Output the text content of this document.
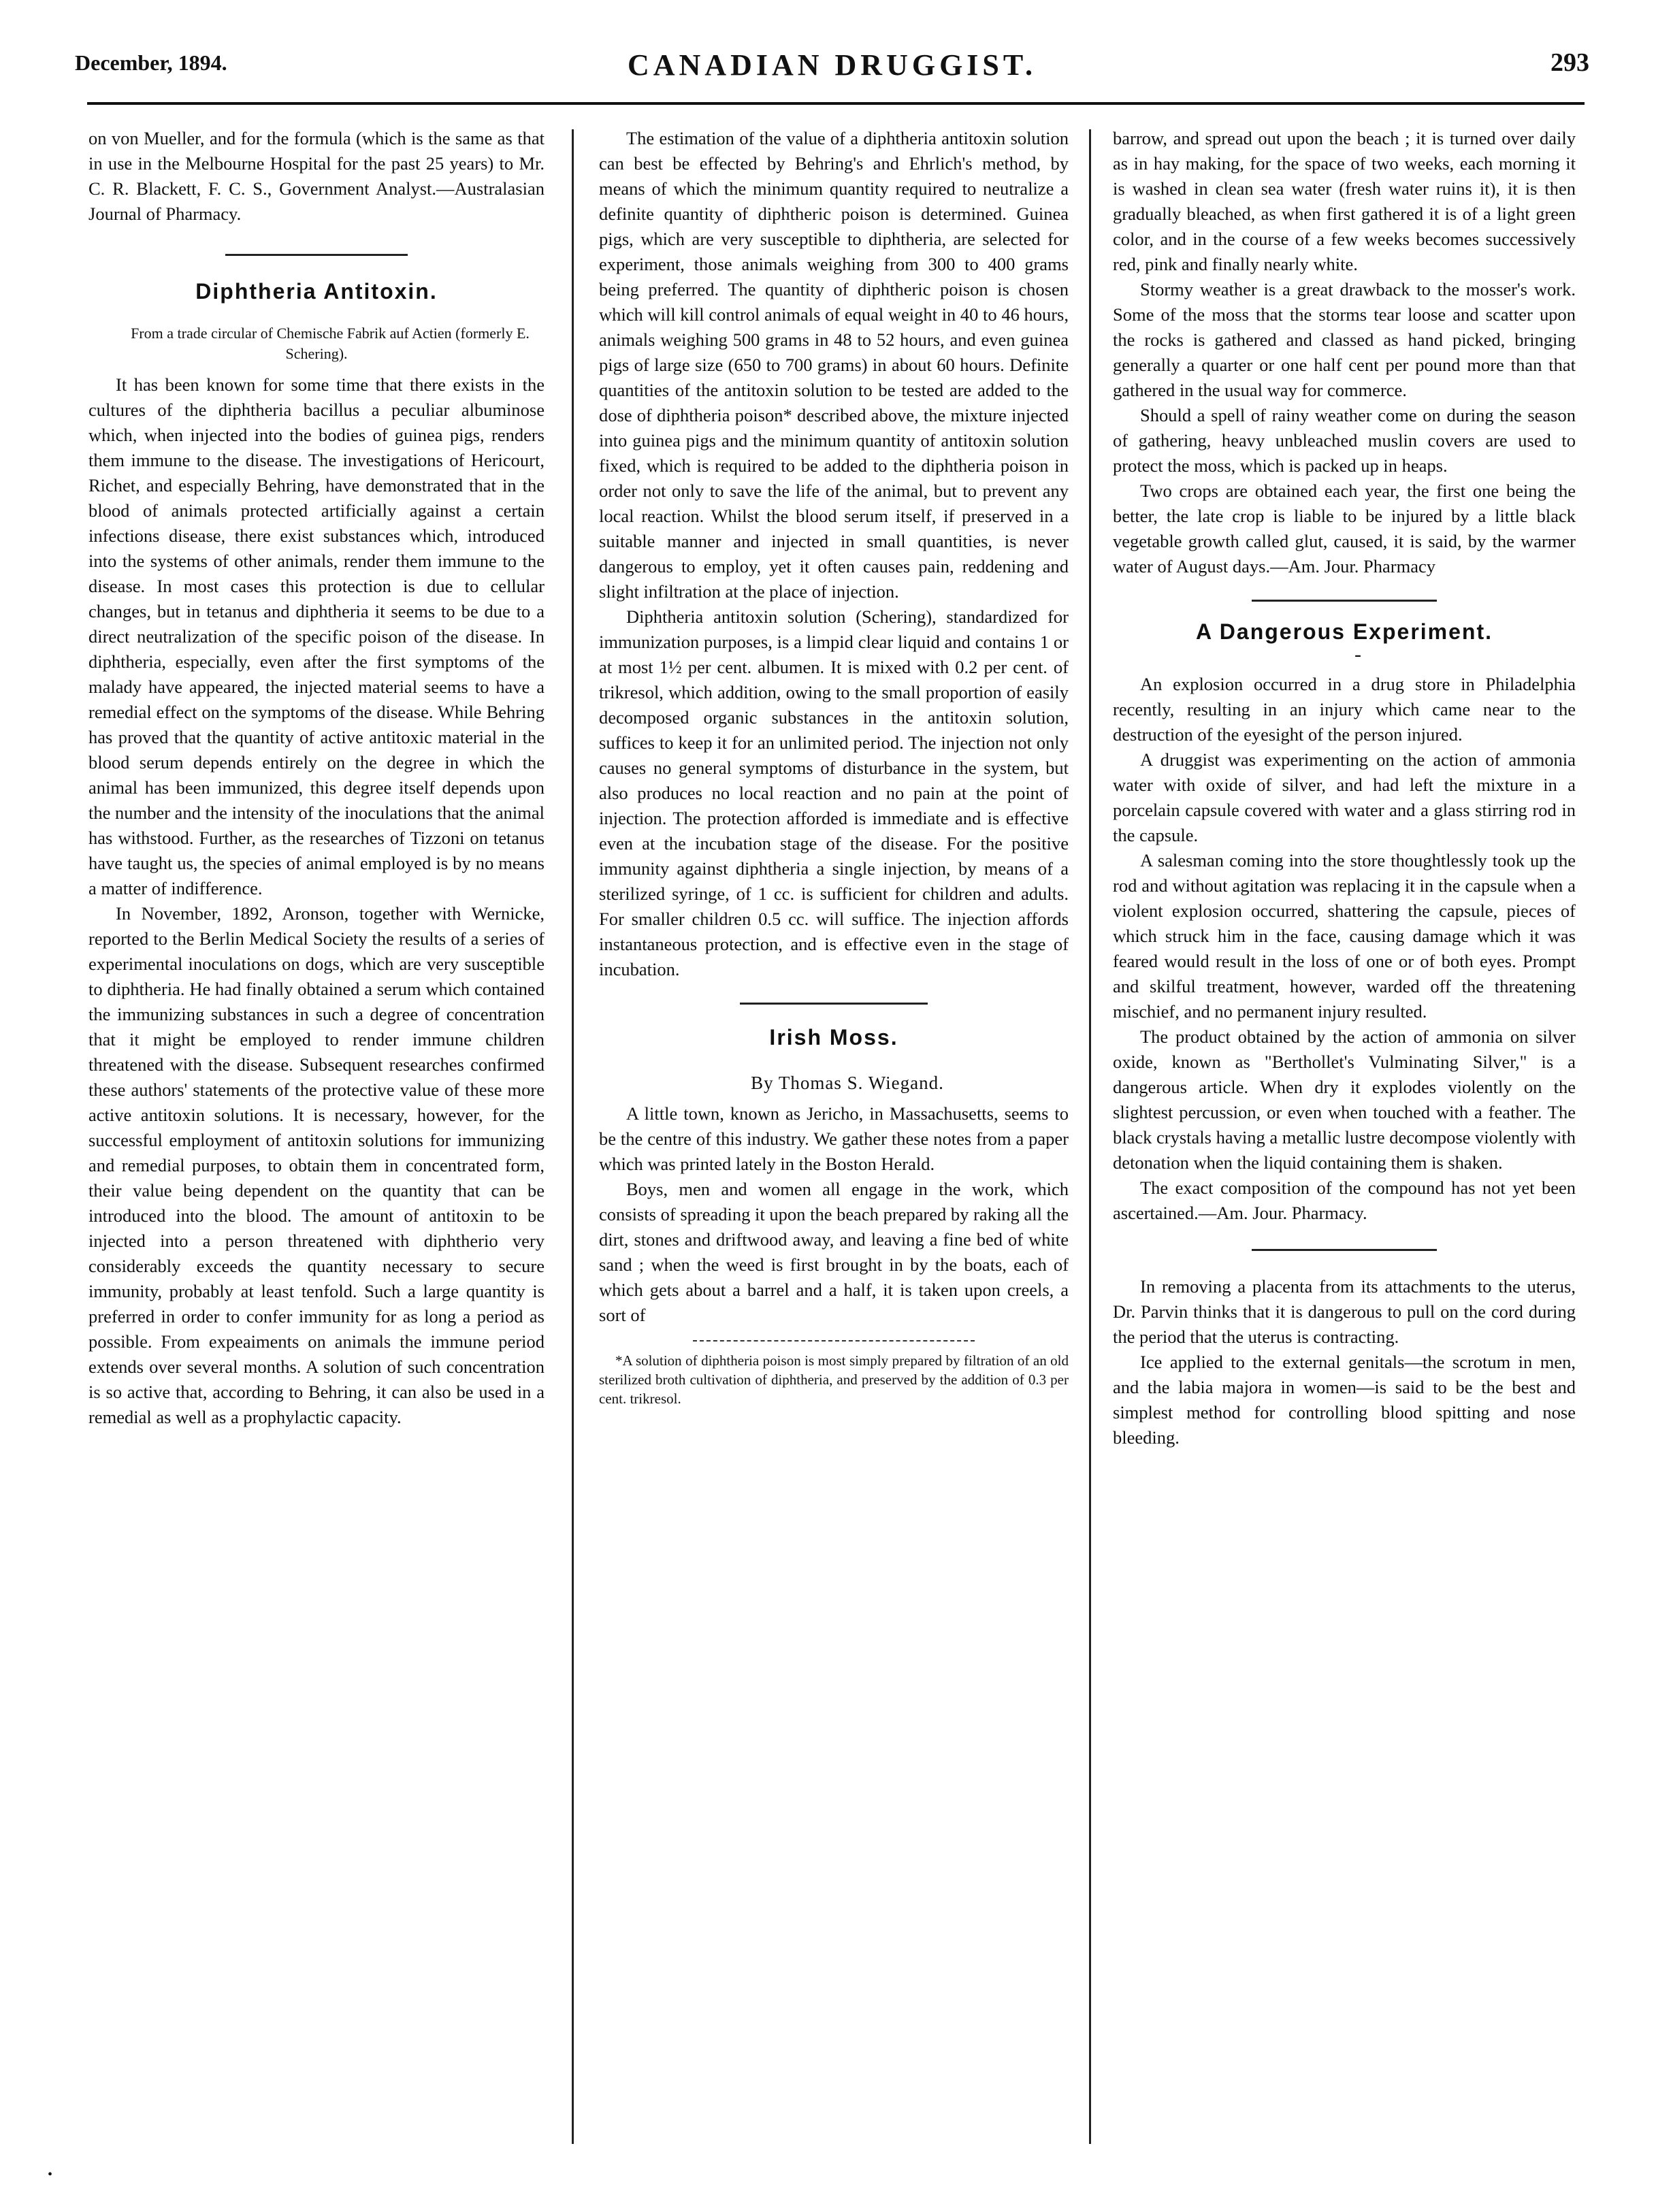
December, 1894.	CANADIAN DRUGGIST.	293

on von Mueller, and for the formula (which is the same as that in use in the Melbourne Hospital for the past 25 years) to Mr. C. R. Blackett, F. C. S., Government Analyst.—Australasian Journal of Pharmacy.

Diphtheria Antitoxin.

From a trade circular of Chemische Fabrik auf Actien (formerly E. Schering).

It has been known for some time that there exists in the cultures of the diphtheria bacillus a peculiar albuminose which, when injected into the bodies of guinea pigs, renders them immune to the disease. The investigations of Hericourt, Richet, and especially Behring, have demonstrated that in the blood of animals protected artificially against a certain infections disease, there exist substances which, introduced into the systems of other animals, render them immune to the disease. In most cases this protection is due to cellular changes, but in tetanus and diphtheria it seems to be due to a direct neutralization of the specific poison of the disease. In diphtheria, especially, even after the first symptoms of the malady have appeared, the injected material seems to have a remedial effect on the symptoms of the disease. While Behring has proved that the quantity of active antitoxic material in the blood serum depends entirely on the degree in which the animal has been immunized, this degree itself depends upon the number and the intensity of the inoculations that the animal has withstood. Further, as the researches of Tizzoni on tetanus have taught us, the species of animal employed is by no means a matter of indifference.

In November, 1892, Aronson, together with Wernicke, reported to the Berlin Medical Society the results of a series of experimental inoculations on dogs, which are very susceptible to diphtheria. He had finally obtained a serum which contained the immunizing substances in such a degree of concentration that it might be employed to render immune children threatened with the disease. Subsequent researches confirmed these authors' statements of the protective value of these more active antitoxin solutions. It is necessary, however, for the successful employment of antitoxin solutions for immunizing and remedial purposes, to obtain them in concentrated form, their value being dependent on the quantity that can be introduced into the blood. The amount of antitoxin to be injected into a person threatened with diphtherio very considerably exceeds the quantity necessary to secure immunity, probably at least tenfold. Such a large quantity is preferred in order to confer immunity for as long a period as possible. From expeaiments on animals the immune period extends over several months. A solution of such concentration is so active that, according to Behring, it can also be used in a remedial as well as a prophylactic capacity.

The estimation of the value of a diphtheria antitoxin solution can best be effected by Behring's and Ehrlich's method, by means of which the minimum quantity required to neutralize a definite quantity of diphtheric poison is determined. Guinea pigs, which are very susceptible to diphtheria, are selected for experiment, those animals weighing from 300 to 400 grams being preferred. The quantity of diphtheric poison is chosen which will kill control animals of equal weight in 40 to 46 hours, animals weighing 500 grams in 48 to 52 hours, and even guinea pigs of large size (650 to 700 grams) in about 60 hours. Definite quantities of the antitoxin solution to be tested are added to the dose of diphtheria poison* described above, the mixture injected into guinea pigs and the minimum quantity of antitoxin solution fixed, which is required to be added to the diphtheria poison in order not only to save the life of the animal, but to prevent any local reaction. Whilst the blood serum itself, if preserved in a suitable manner and injected in small quantities, is never dangerous to employ, yet it often causes pain, reddening and slight infiltration at the place of injection.

Diphtheria antitoxin solution (Schering), standardized for immunization purposes, is a limpid clear liquid and contains 1 or at most 1½ per cent. albumen. It is mixed with 0.2 per cent. of trikresol, which addition, owing to the small proportion of easily decomposed organic substances in the antitoxin solution, suffices to keep it for an unlimited period. The injection not only causes no general symptoms of disturbance in the system, but also produces no local reaction and no pain at the point of injection. The protection afforded is immediate and is effective even at the incubation stage of the disease. For the positive immunity against diphtheria a single injection, by means of a sterilized syringe, of 1 cc. is sufficient for children and adults. For smaller children 0.5 cc. will suffice. The injection affords instantaneous protection, and is effective even in the stage of incubation.

Irish Moss.

By Thomas S. Wiegand.

A little town, known as Jericho, in Massachusetts, seems to be the centre of this industry. We gather these notes from a paper which was printed lately in the Boston Herald.

Boys, men and women all engage in the work, which consists of spreading it upon the beach prepared by raking all the dirt, stones and driftwood away, and leaving a fine bed of white sand ; when the weed is first brought in by the boats, each of which gets about a barrel and a half, it is taken upon creels, a sort of

*A solution of diphtheria poison is most simply prepared by filtration of an old sterilized broth cultivation of diphtheria, and preserved by the addition of 0.3 per cent. trikresol.

barrow, and spread out upon the beach ; it is turned over daily as in hay making, for the space of two weeks, each morning it is washed in clean sea water (fresh water ruins it), it is then gradually bleached, as when first gathered it is of a light green color, and in the course of a few weeks becomes successively red, pink and finally nearly white.

Stormy weather is a great drawback to the mosser's work. Some of the moss that the storms tear loose and scatter upon the rocks is gathered and classed as hand picked, bringing generally a quarter or one half cent per pound more than that gathered in the usual way for commerce.

Should a spell of rainy weather come on during the season of gathering, heavy unbleached muslin covers are used to protect the moss, which is packed up in heaps.

Two crops are obtained each year, the first one being the better, the late crop is liable to be injured by a little black vegetable growth called glut, caused, it is said, by the warmer water of August days.—Am. Jour. Pharmacy

A Dangerous Experiment.

-

An explosion occurred in a drug store in Philadelphia recently, resulting in an injury which came near to the destruction of the eyesight of the person injured.

A druggist was experimenting on the action of ammonia water with oxide of silver, and had left the mixture in a porcelain capsule covered with water and a glass stirring rod in the capsule.

A salesman coming into the store thoughtlessly took up the rod and without agitation was replacing it in the capsule when a violent explosion occurred, shattering the capsule, pieces of which struck him in the face, causing damage which it was feared would result in the loss of one or of both eyes. Prompt and skilful treatment, however, warded off the threatening mischief, and no permanent injury resulted.

The product obtained by the action of ammonia on silver oxide, known as "Berthollet's Vulminating Silver," is a dangerous article. When dry it explodes violently on the slightest percussion, or even when touched with a feather. The black crystals having a metallic lustre decompose violently with detonation when the liquid containing them is shaken.

The exact composition of the compound has not yet been ascertained.—Am. Jour. Pharmacy.

In removing a placenta from its attachments to the uterus, Dr. Parvin thinks that it is dangerous to pull on the cord during the period that the uterus is contracting.

Ice applied to the external genitals—the scrotum in men, and the labia majora in women—is said to be the best and simplest method for controlling blood spitting and nose bleeding.

•
